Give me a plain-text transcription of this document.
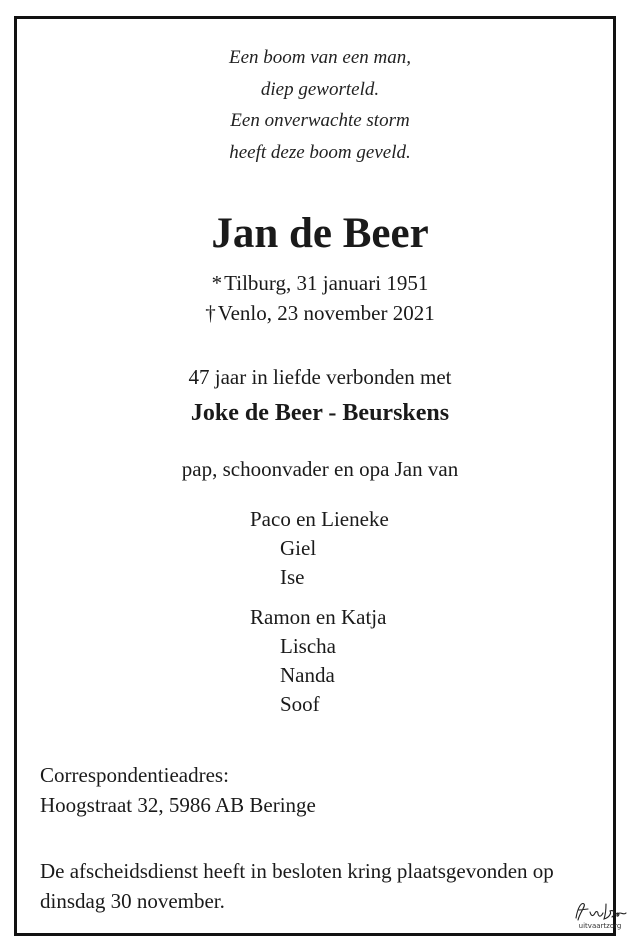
Een boom van een man,
diep geworteld.
Een onverwachte storm
heeft deze boom geveld.
Jan de Beer
*Tilburg, 31 januari 1951
†Venlo, 23 november 2021
47 jaar in liefde verbonden met
Joke de Beer - Beurskens
pap, schoonvader en opa Jan van
Paco en Lieneke
Giel
Ise
Ramon en Katja
Lischa
Nanda
Soof
Correspondentieadres:
Hoogstraat 32, 5986 AB Beringe
De afscheidsdienst heeft in besloten kring plaatsgevonden op dinsdag 30 november.
uitvaartzorg
